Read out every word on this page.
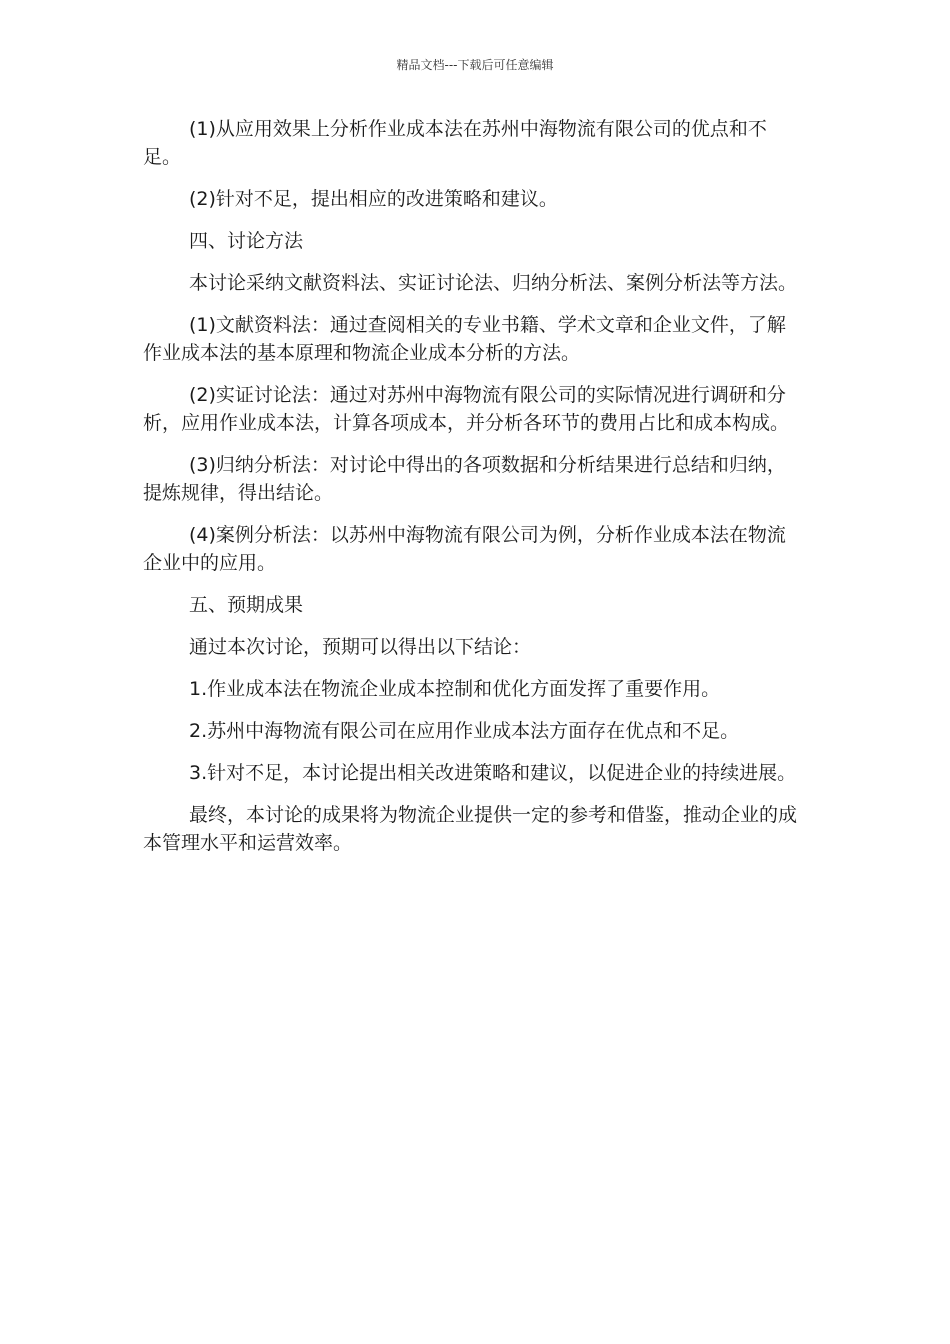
精品文档---下载后可任意编辑

(1)从应用效果上分析作业成本法在苏州中海物流有限公司的优点和不足。

(2)针对不足，提出相应的改进策略和建议。

四、讨论方法

本讨论采纳文献资料法、实证讨论法、归纳分析法、案例分析法等方法。

(1)文献资料法：通过查阅相关的专业书籍、学术文章和企业文件，了解作业成本法的基本原理和物流企业成本分析的方法。

(2)实证讨论法：通过对苏州中海物流有限公司的实际情况进行调研和分析，应用作业成本法，计算各项成本，并分析各环节的费用占比和成本构成。

(3)归纳分析法：对讨论中得出的各项数据和分析结果进行总结和归纳，提炼规律，得出结论。

(4)案例分析法：以苏州中海物流有限公司为例，分析作业成本法在物流企业中的应用。

五、预期成果

通过本次讨论，预期可以得出以下结论：

1.作业成本法在物流企业成本控制和优化方面发挥了重要作用。

2.苏州中海物流有限公司在应用作业成本法方面存在优点和不足。

3.针对不足，本讨论提出相关改进策略和建议，以促进企业的持续进展。

最终，本讨论的成果将为物流企业提供一定的参考和借鉴，推动企业的成本管理水平和运营效率。
